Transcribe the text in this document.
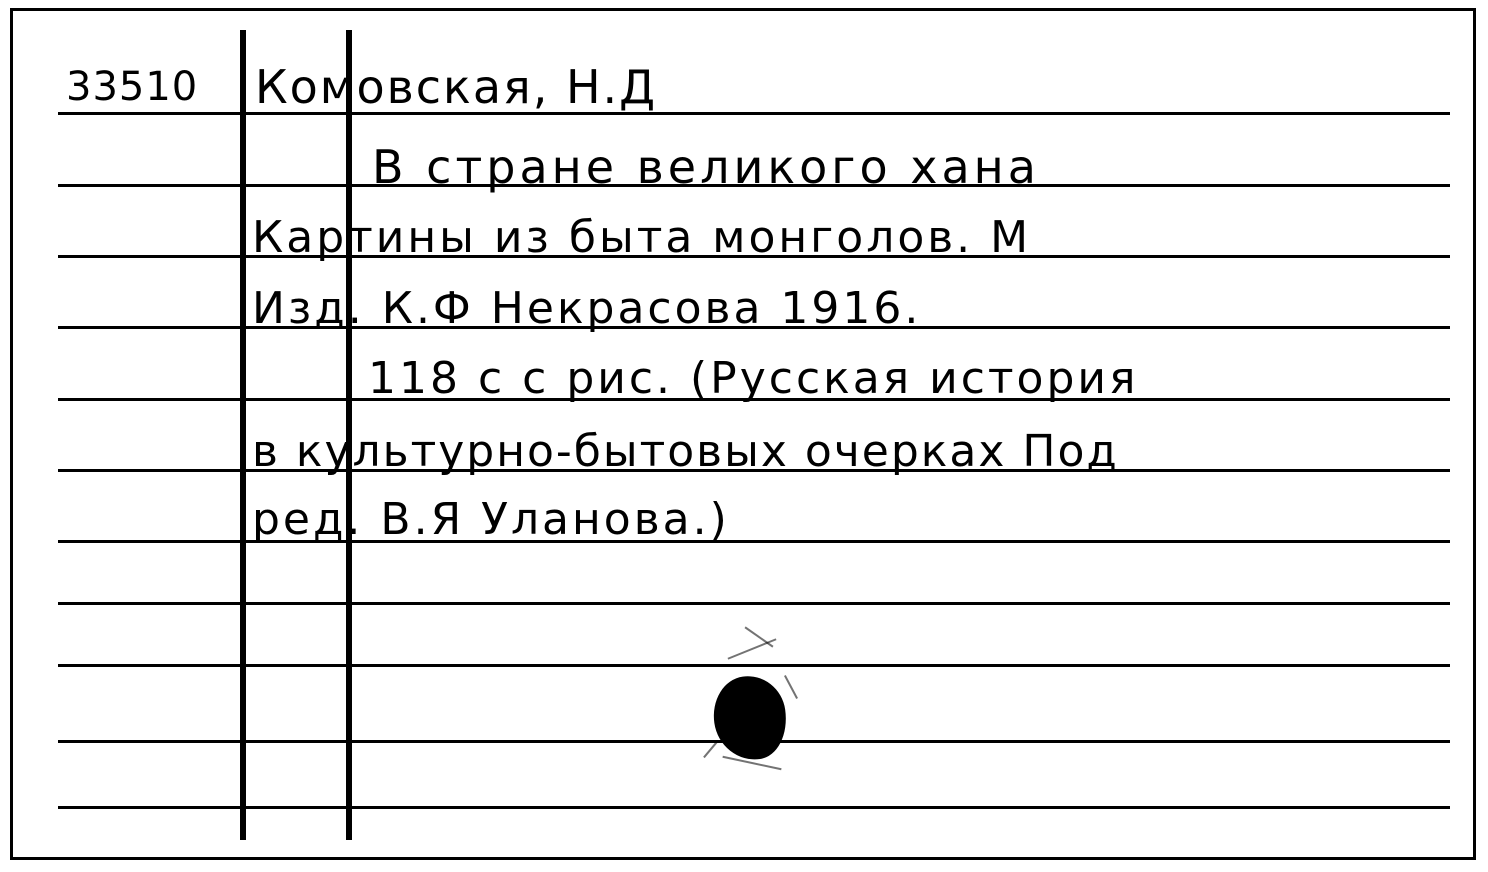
33510 Комовская, Н.Д
В стране великого хана
Картины из быта монголов. М
Изд. К.Ф Некрасова 1916.
118 с с рис. (Русская история
в культурно-бытовых очерках Под
ред. В.Я Уланова.)
